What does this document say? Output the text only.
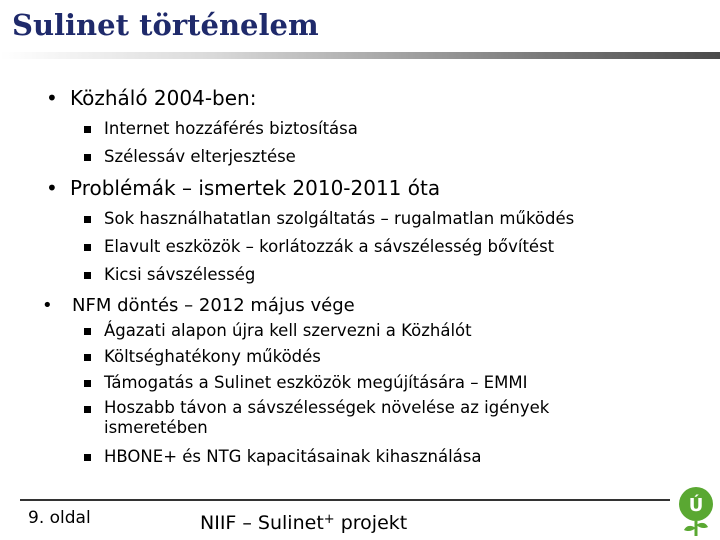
Sulinet történelem
• Közháló 2004-ben:
Internet hozzáférés biztosítása
Szélessáv elterjesztése
• Problémák – ismertek 2010-2011 óta
Sok használhatatlan szolgáltatás – rugalmatlan működés
Elavult eszközök – korlátozzák a sávszélesség bővítést
Kicsi sávszélesség
• NFM döntés – 2012 május vége
Ágazati alapon újra kell szervezni a Közhálót
Költséghatékony működés
Támogatás a Sulinet eszközök megújítására – EMMI
Hoszabb távon a sávszélességek növelése az igények ismeretében
HBONE+ és NTG kapacitásainak kihasználása
9. oldal	NIIF – Sulinet+ projekt
Ú
